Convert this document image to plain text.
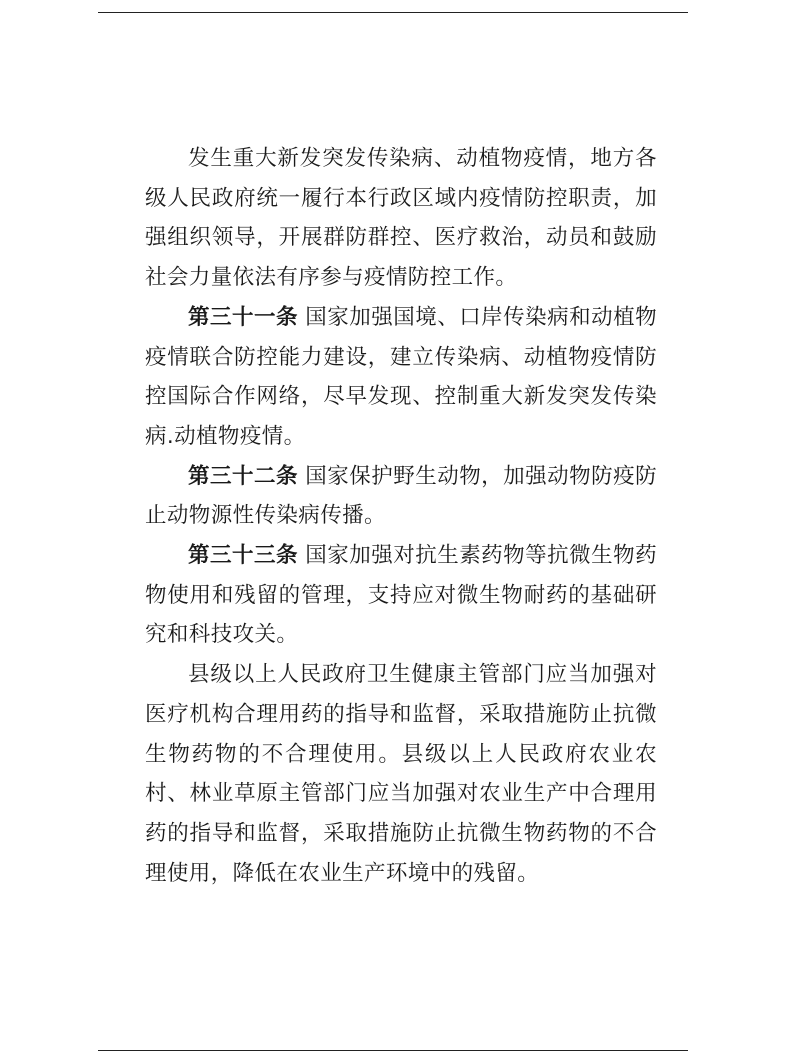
发生重大新发突发传染病、动植物疫情，地方各级人民政府统一履行本行政区域内疫情防控职责，加强组织领导，开展群防群控、医疗救治，动员和鼓励社会力量依法有序参与疫情防控工作。

第三十一条 国家加强国境、口岸传染病和动植物疫情联合防控能力建设，建立传染病、动植物疫情防控国际合作网络，尽早发现、控制重大新发突发传染病.动植物疫情。

第三十二条 国家保护野生动物，加强动物防疫防止动物源性传染病传播。

第三十三条 国家加强对抗生素药物等抗微生物药物使用和残留的管理，支持应对微生物耐药的基础研究和科技攻关。

县级以上人民政府卫生健康主管部门应当加强对医疗机构合理用药的指导和监督，采取措施防止抗微生物药物的不合理使用。县级以上人民政府农业农村、林业草原主管部门应当加强对农业生产中合理用药的指导和监督，采取措施防止抗微生物药物的不合理使用，降低在农业生产环境中的残留。
